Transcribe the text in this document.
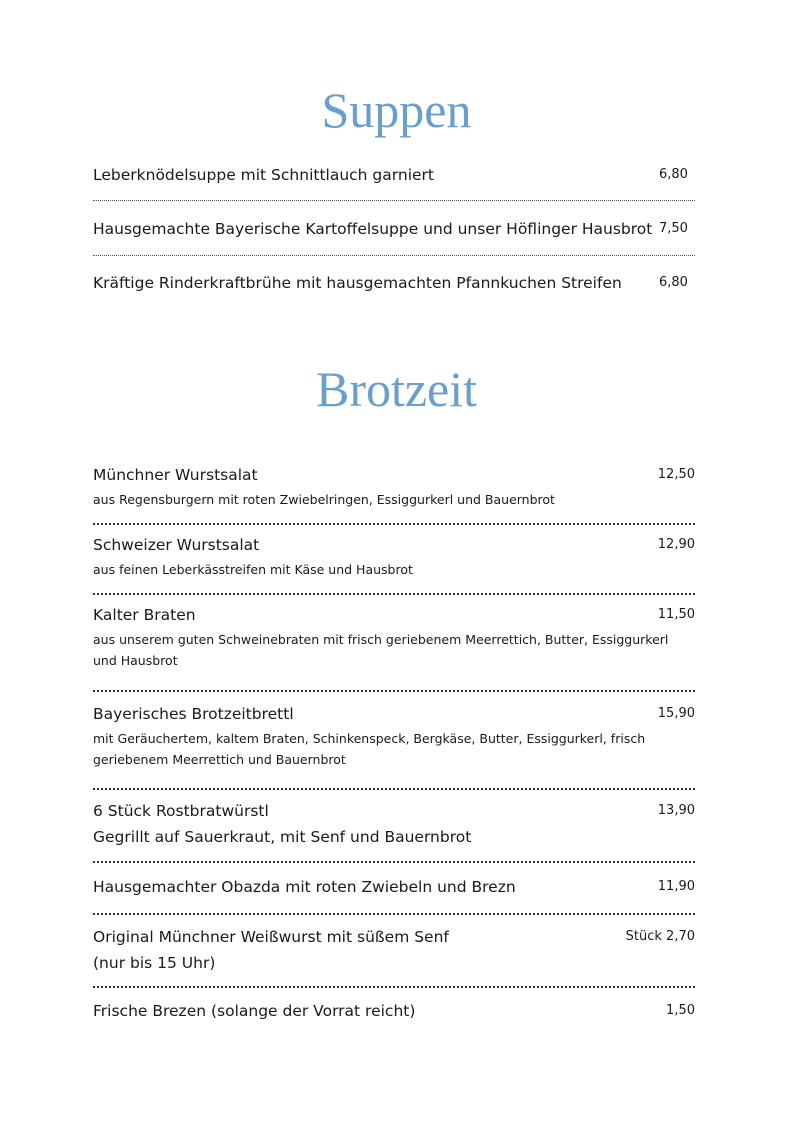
Suppen
Leberknödelsuppe mit Schnittlauch garniert	6,80
Hausgemachte Bayerische Kartoffelsuppe und unser Höflinger Hausbrot 7,50
Kräftige Rinderkraftbrühe mit hausgemachten Pfannkuchen Streifen	6,80
Brotzeit
Münchner Wurstsalat	12,50
aus Regensburgern mit roten Zwiebelringen, Essiggurkerl und Bauernbrot
Schweizer Wurstsalat	12,90
aus feinen Leberkässtreifen mit Käse und Hausbrot
Kalter Braten	11,50
aus unserem guten Schweinebraten mit frisch geriebenem Meerrettich, Butter, Essiggurkerl und Hausbrot
Bayerisches Brotzeitbrettl	15,90
mit Geräuchertem, kaltem Braten, Schinkenspeck, Bergkäse, Butter, Essiggurkerl, frisch geriebenem Meerrettich und Bauernbrot
6 Stück Rostbratwürstl	13,90
Gegrillt auf Sauerkraut, mit Senf und Bauernbrot
Hausgemachter Obazda mit roten Zwiebeln und Brezn	11,90
Original Münchner Weißwurst mit süßem Senf	Stück 2,70
(nur bis 15 Uhr)
Frische Brezen (solange der Vorrat reicht)	1,50
